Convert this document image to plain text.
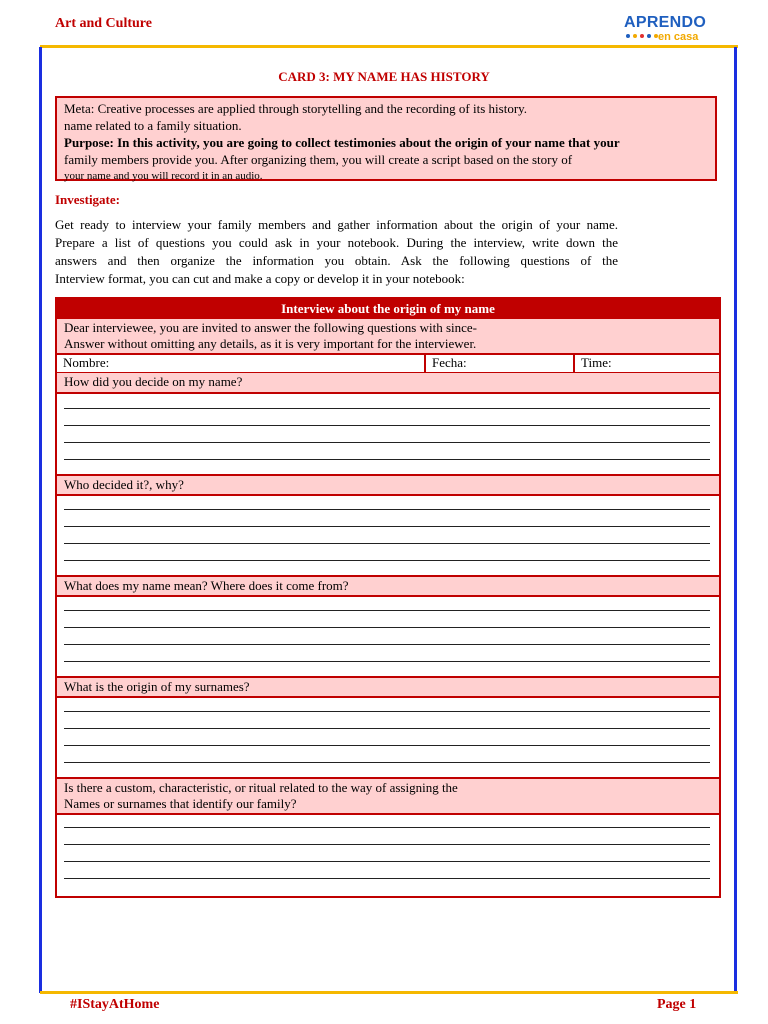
Art and Culture	APRENDO
en casa
CARD 3: MY NAME HAS HISTORY
Meta: Creative processes are applied through storytelling and the recording of its history.
name related to a family situation.
Purpose: In this activity, you are going to collect testimonies about the origin of your name that your
family members provide you. After organizing them, you will create a script based on the story of
your name and you will record it in an audio.
Investigate:
Get ready to interview your family members and gather information about the origin of your name.
Prepare a list of questions you could ask in your notebook. During the interview, write down the
answers and then organize the information you obtain. Ask the following questions of the
Interview format, you can cut and make a copy or develop it in your notebook:
Interview about the origin of my name
Dear interviewee, you are invited to answer the following questions with since-
Answer without omitting any details, as it is very important for the interviewer.
Nombre:	Fecha:	Time:
How did you decide on my name?
Who decided it?, why?
What does my name mean? Where does it come from?
What is the origin of my surnames?
Is there a custom, characteristic, or ritual related to the way of assigning the
Names or surnames that identify our family?
#IStayAtHome	Page 1
